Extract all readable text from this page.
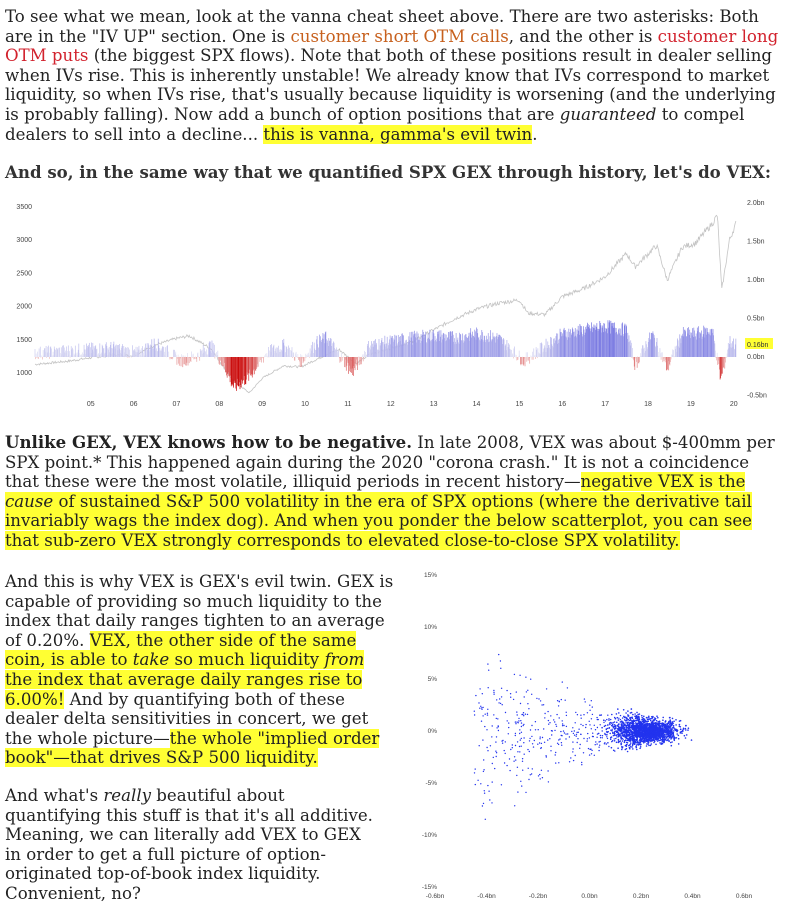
To see what we mean, look at the vanna cheat sheet above. There are two asterisks: Both are in the "IV UP" section. One is customer short OTM calls, and the other is customer long OTM puts (the biggest SPX flows). Note that both of these positions result in dealer selling when IVs rise. This is inherently unstable! We already know that IVs correspond to market liquidity, so when IVs rise, that's usually because liquidity is worsening (and the underlying is probably falling). Now add a bunch of option positions that are guaranteed to compel dealers to sell into a decline... this is vanna, gamma's evil twin.

And so, in the same way that we quantified SPX GEX through history, let's do VEX:

3500
3000
2500
2000
1500
1000
2.0bn
1.5bn
1.0bn
0.5bn
0.0bn
-0.5bn
05	06	07	08	09	10	11	12	13	14	15	16	17	18	19	20
0.16bn

Unlike GEX, VEX knows how to be negative. In late 2008, VEX was about $-400mm per SPX point.* This happened again during the 2020 "corona crash." It is not a coincidence that these were the most volatile, illiquid periods in recent history—negative VEX is the cause of sustained S&P 500 volatility in the era of SPX options (where the derivative tail invariably wags the index dog). And when you ponder the below scatterplot, you can see that sub-zero VEX strongly corresponds to elevated close-to-close SPX volatility.

And this is why VEX is GEX's evil twin. GEX is capable of providing so much liquidity to the index that daily ranges tighten to an average of 0.20%. VEX, the other side of the same coin, is able to take so much liquidity from the index that average daily ranges rise to 6.00%! And by quantifying both of these dealer delta sensitivities in concert, we get the whole picture—the whole "implied order book"—that drives S&P 500 liquidity.

And what's really beautiful about quantifying this stuff is that it's all additive. Meaning, we can literally add VEX to GEX in order to get a full picture of option-originated top-of-book index liquidity. Convenient, no?

15%
10%
5%
0%
-5%
-10%
-15%
-0.6bn	-0.4bn	-0.2bn	0.0bn	0.2bn	0.4bn	0.6bn
